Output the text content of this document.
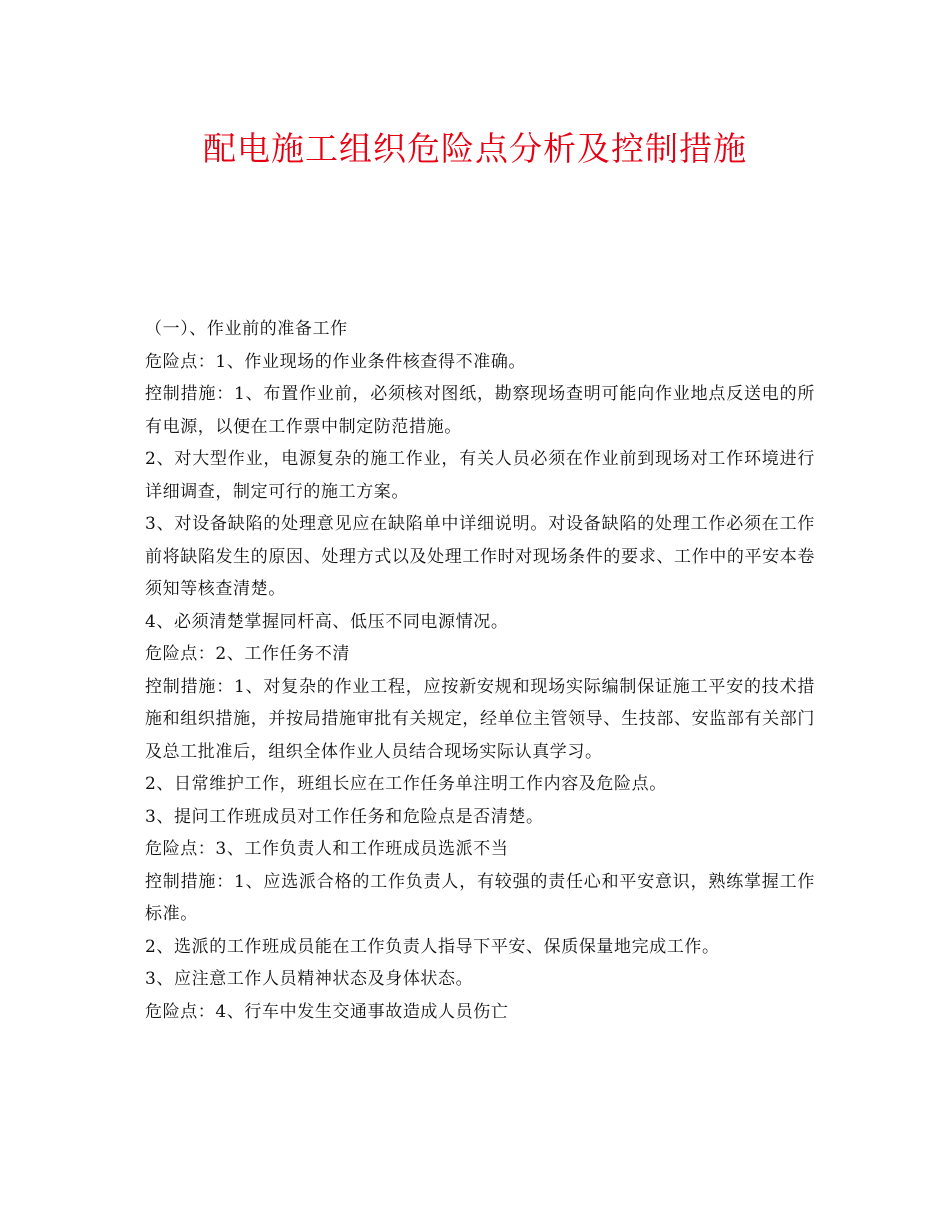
配电施工组织危险点分析及控制措施

（一）、作业前的准备工作

危险点：1、作业现场的作业条件核查得不准确。

控制措施：1、布置作业前，必须核对图纸，勘察现场查明可能向作业地点反送电的所有电源，以便在工作票中制定防范措施。

2、对大型作业，电源复杂的施工作业，有关人员必须在作业前到现场对工作环境进行详细调查，制定可行的施工方案。

3、对设备缺陷的处理意见应在缺陷单中详细说明。对设备缺陷的处理工作必须在工作前将缺陷发生的原因、处理方式以及处理工作时对现场条件的要求、工作中的平安本卷须知等核查清楚。

4、必须清楚掌握同杆高、低压不同电源情况。

危险点：2、工作任务不清

控制措施：1、对复杂的作业工程，应按新安规和现场实际编制保证施工平安的技术措施和组织措施，并按局措施审批有关规定，经单位主管领导、生技部、安监部有关部门及总工批准后，组织全体作业人员结合现场实际认真学习。

2、日常维护工作，班组长应在工作任务单注明工作内容及危险点。

3、提问工作班成员对工作任务和危险点是否清楚。

危险点：3、工作负责人和工作班成员选派不当

控制措施：1、应选派合格的工作负责人，有较强的责任心和平安意识，熟练掌握工作标准。

2、选派的工作班成员能在工作负责人指导下平安、保质保量地完成工作。

3、应注意工作人员精神状态及身体状态。

危险点：4、行车中发生交通事故造成人员伤亡
